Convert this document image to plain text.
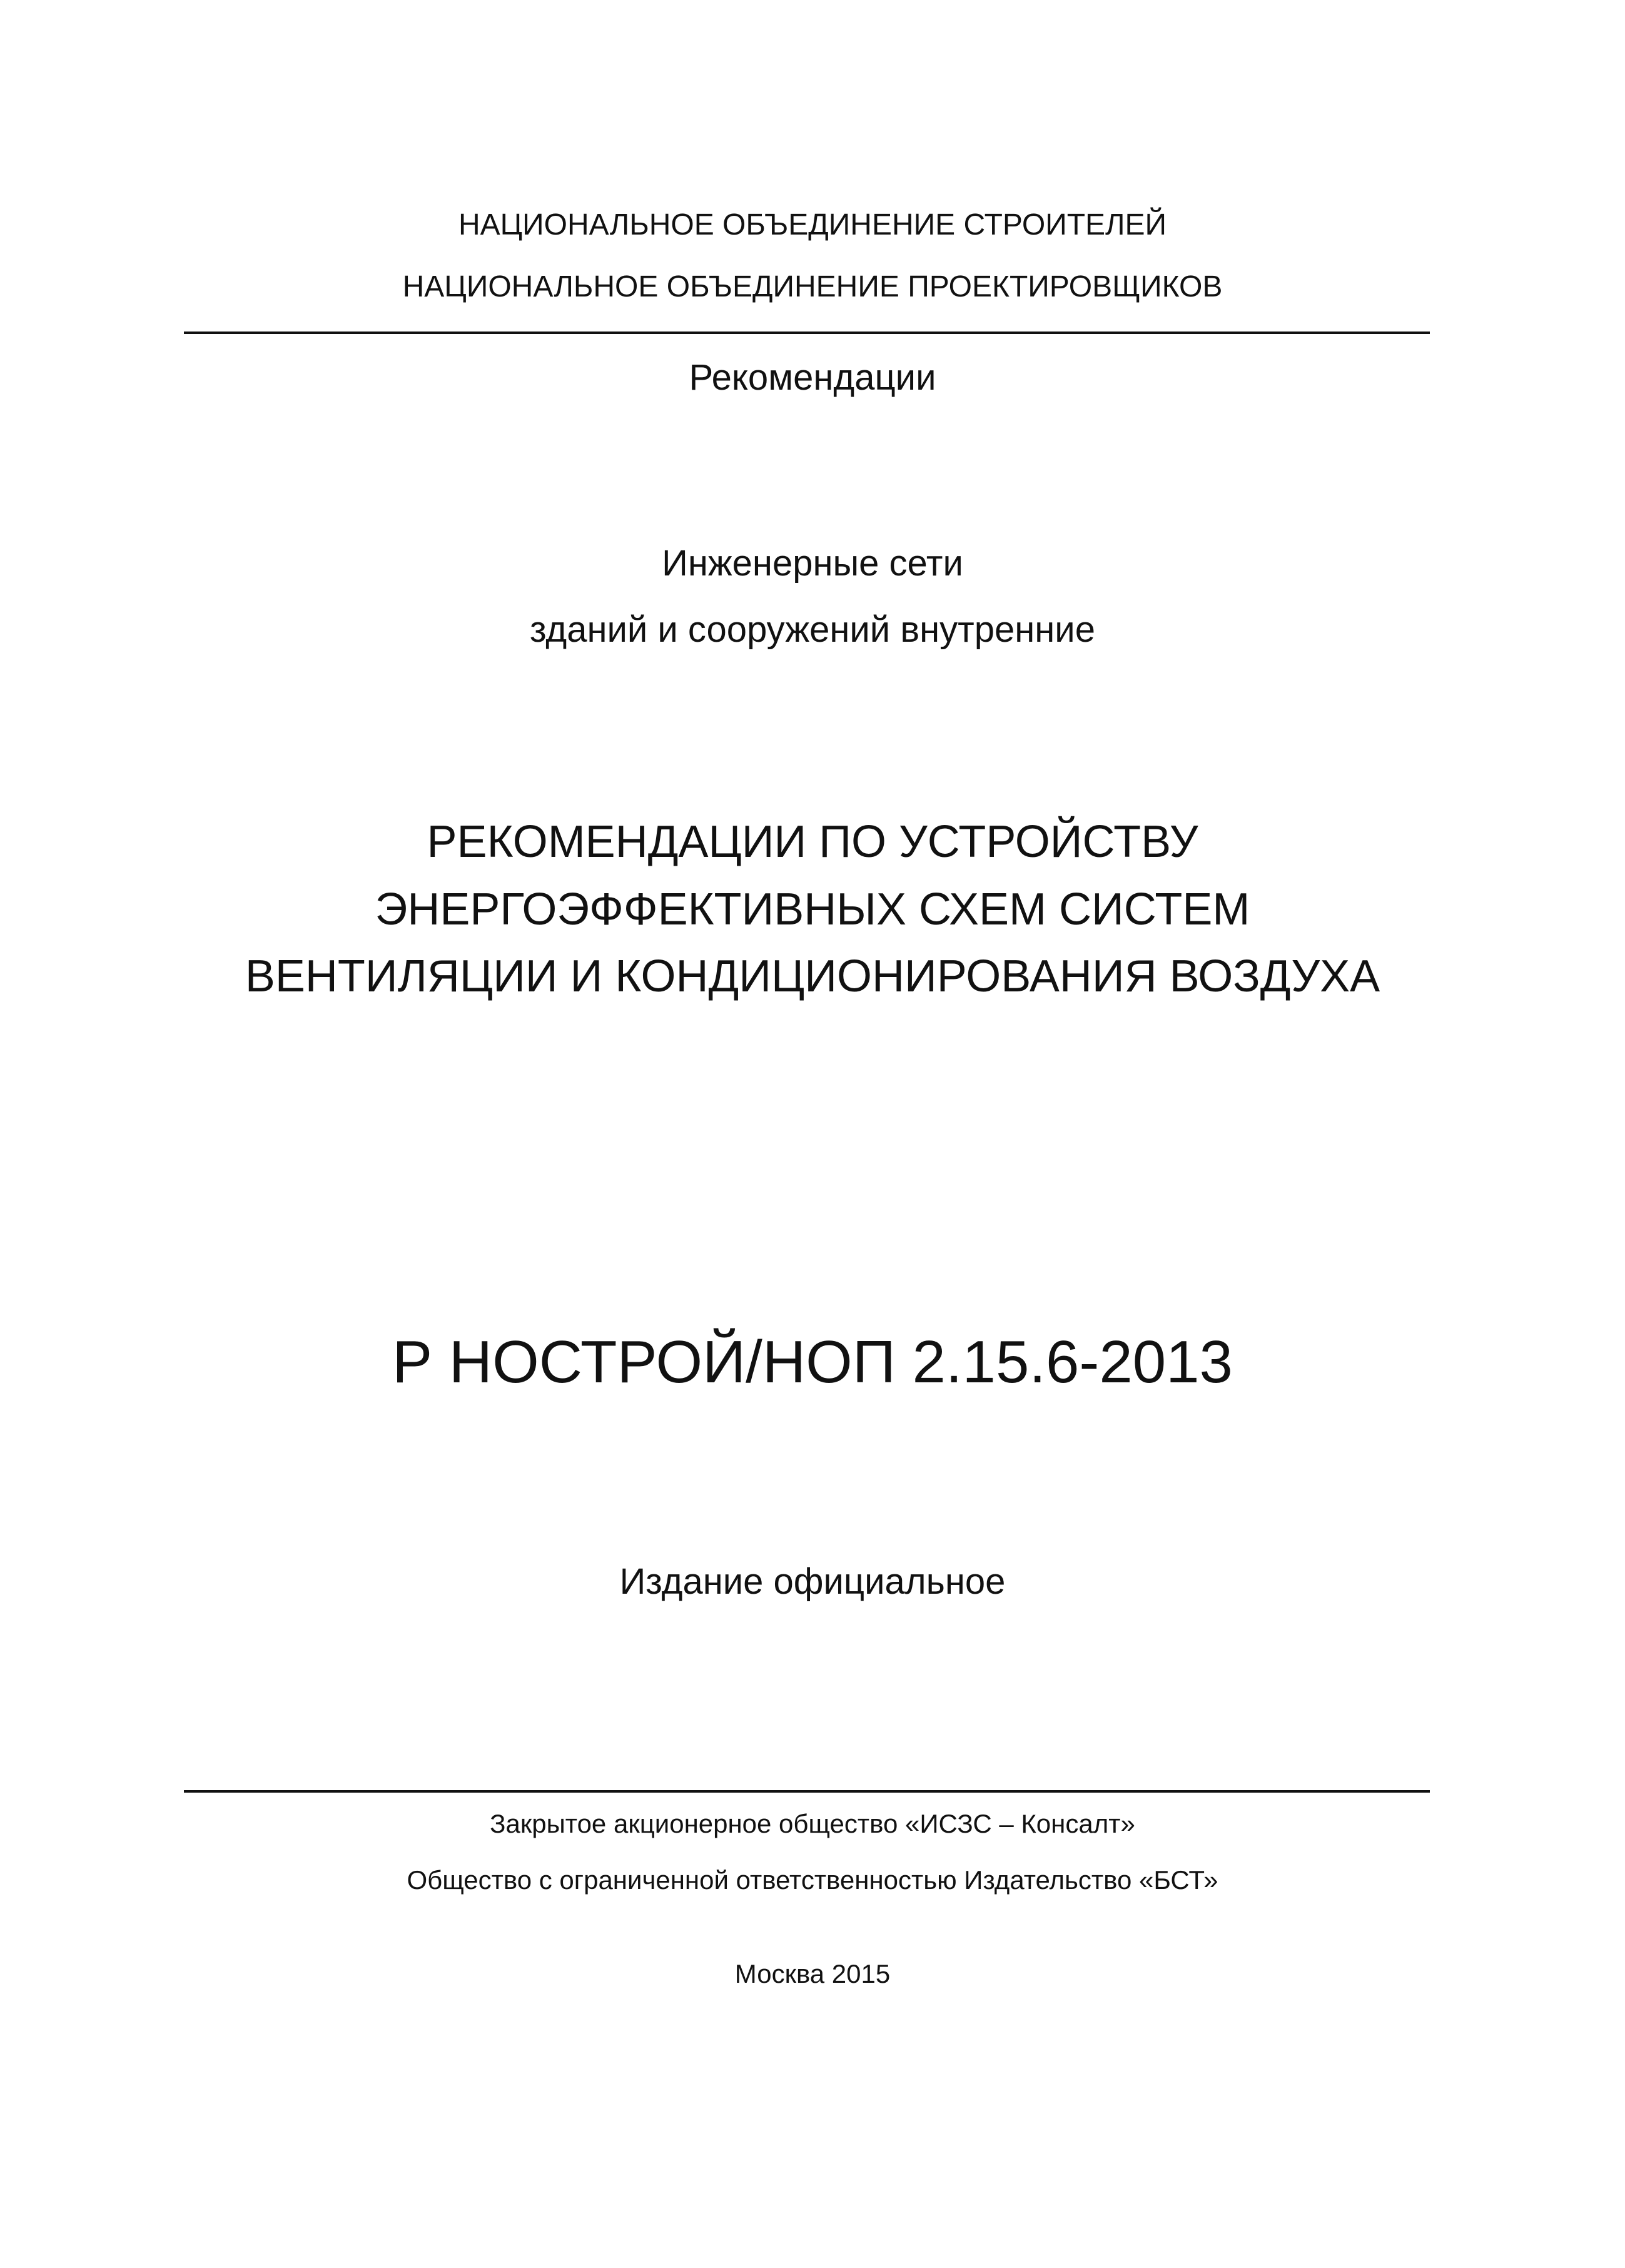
НАЦИОНАЛЬНОЕ ОБЪЕДИНЕНИЕ СТРОИТЕЛЕЙ
НАЦИОНАЛЬНОЕ ОБЪЕДИНЕНИЕ ПРОЕКТИРОВЩИКОВ
Рекомендации
Инженерные сети
зданий и сооружений внутренние
РЕКОМЕНДАЦИИ ПО УСТРОЙСТВУ
ЭНЕРГОЭФФЕКТИВНЫХ СХЕМ СИСТЕМ
ВЕНТИЛЯЦИИ И КОНДИЦИОНИРОВАНИЯ ВОЗДУХА
Р НОСТРОЙ/НОП 2.15.6-2013
Издание официальное
Закрытое акционерное общество «ИСЗС – Консалт»
Общество с ограниченной ответственностью Издательство «БСТ»
Москва 2015
